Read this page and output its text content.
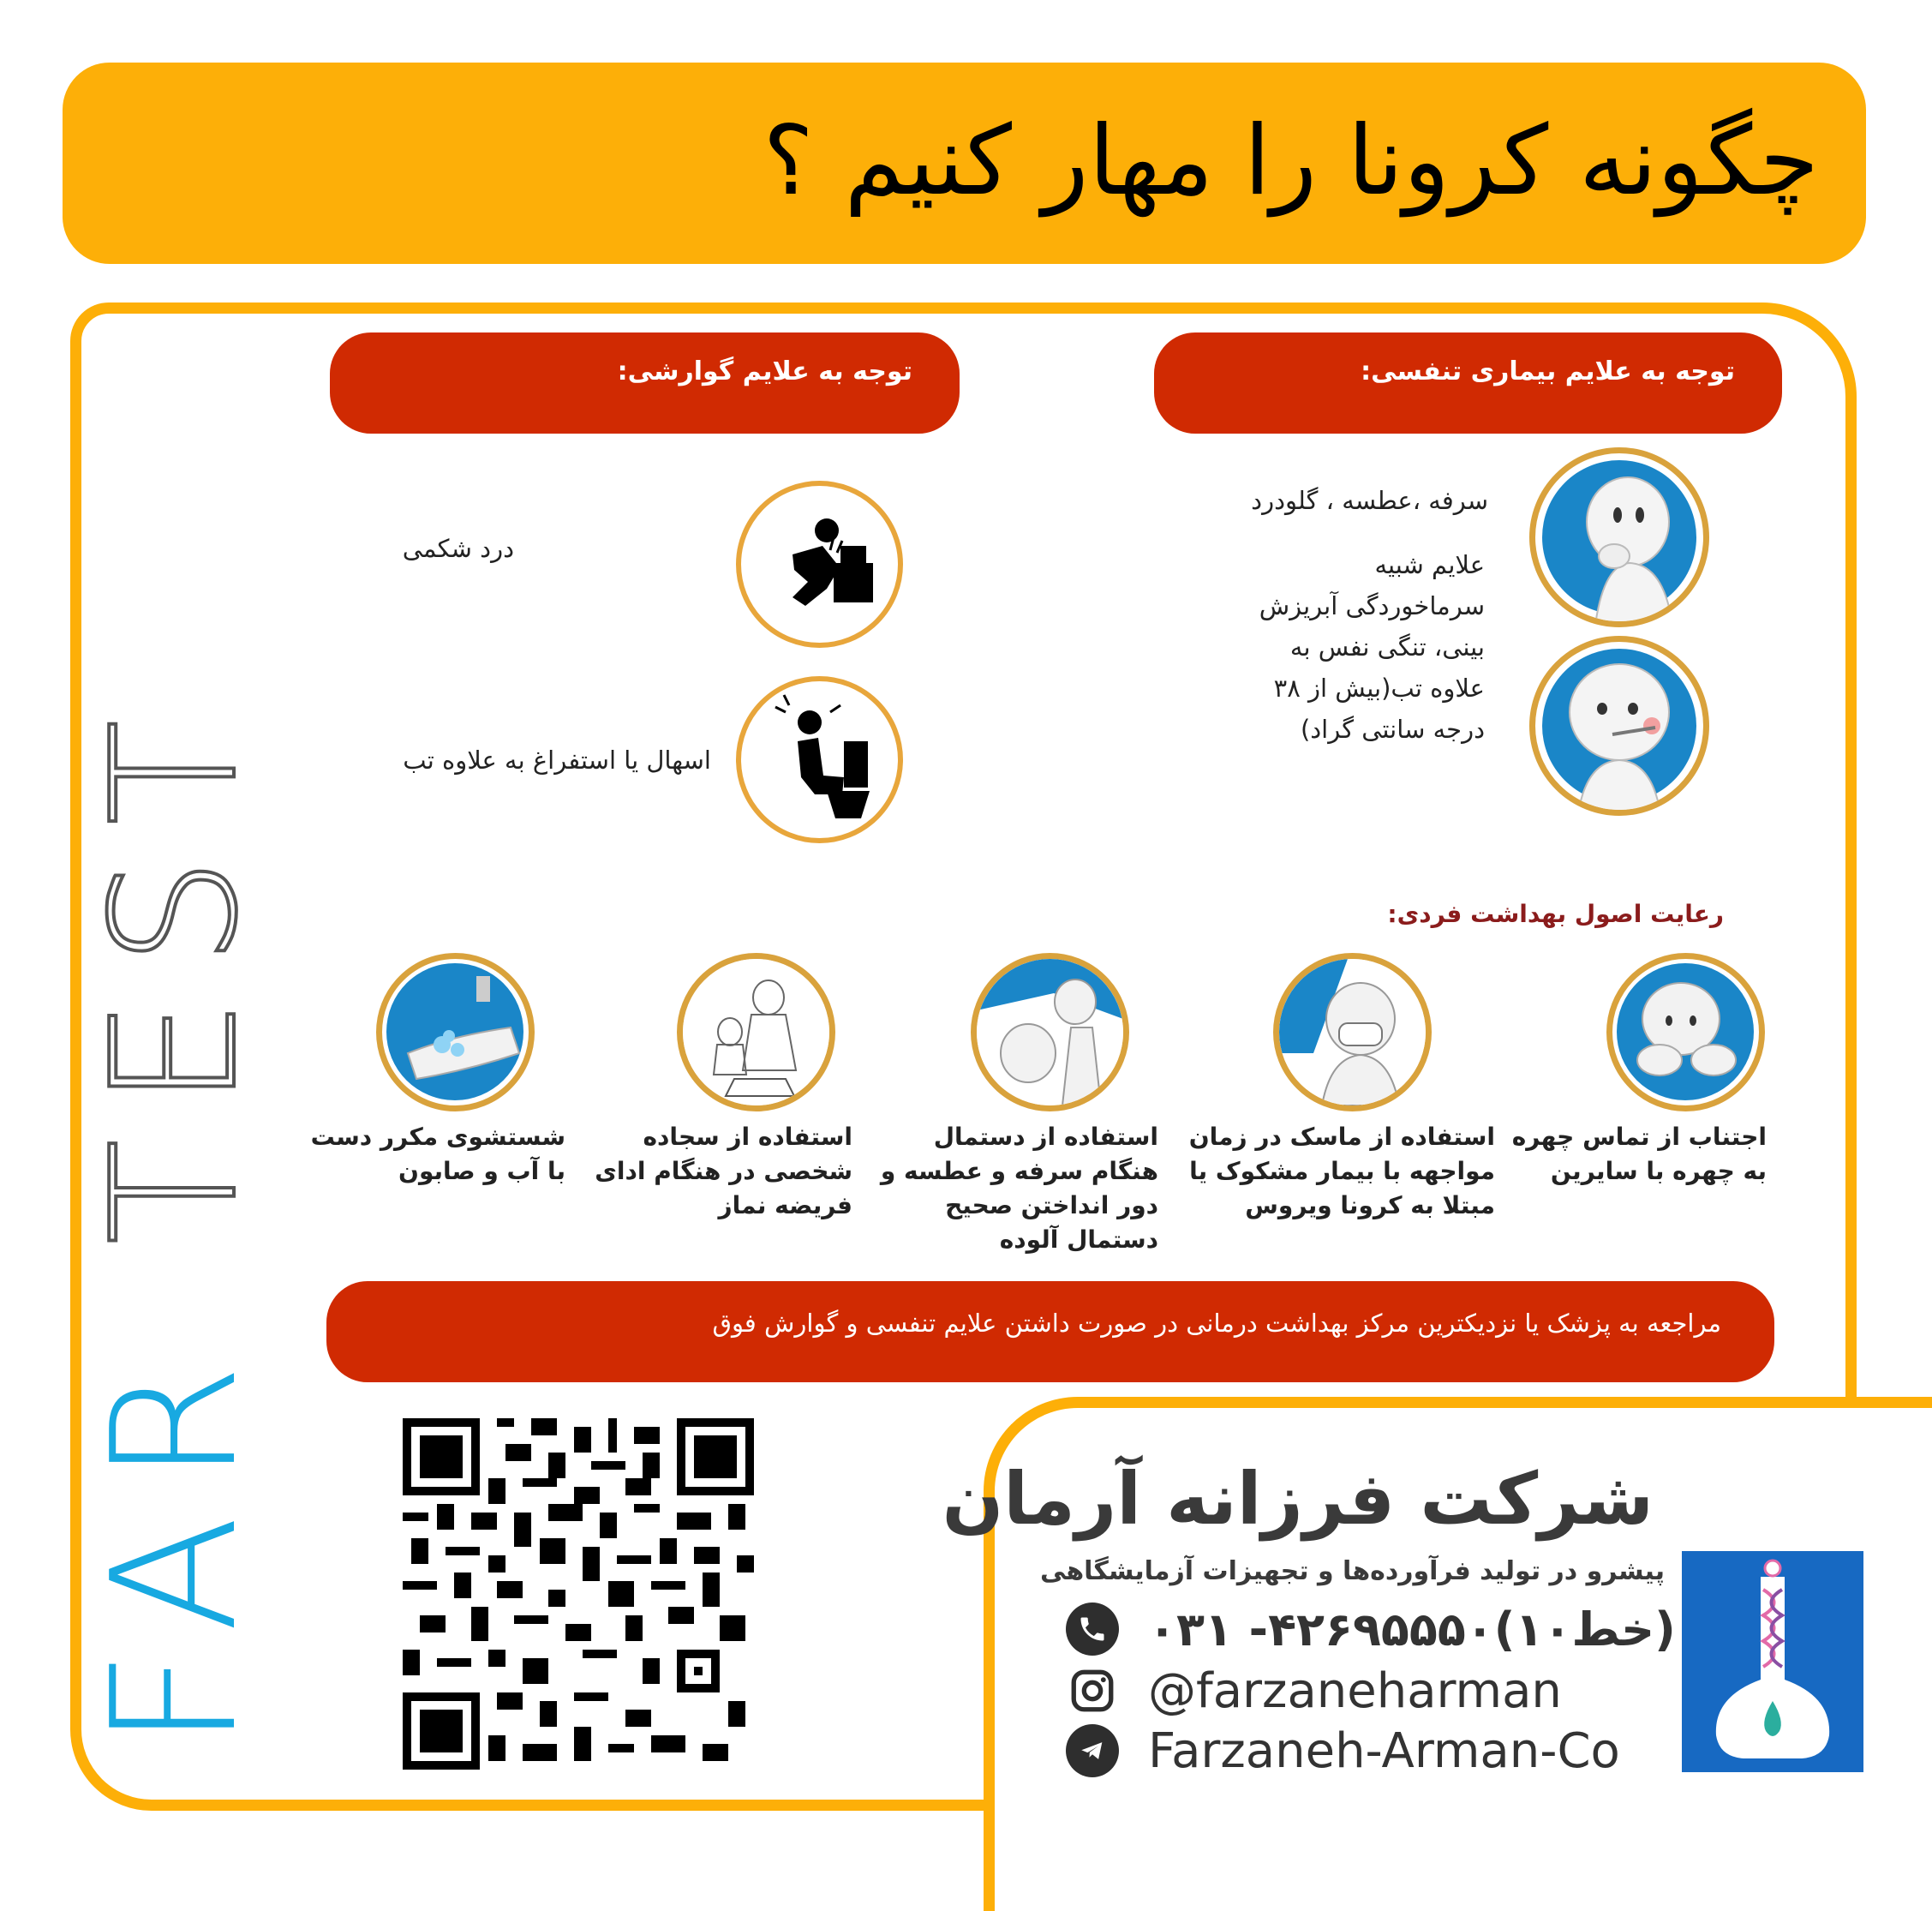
چگونه کرونا را مهار کنیم ؟
FAR TEST
توجه به علایم بیماری تنفسی:
توجه به علایم گوارشی:
سرفه ،عطسه ، گلودرد
علایم شبیه
سرماخوردگی آبریزش
بینی، تنگی نفس به
علاوه تب(بیش از ۳۸
درجه سانتی گراد)
درد شکمی
اسهال یا استفراغ به علاوه تب
رعایت اصول بهداشت فردی:
اجتناب از تماس چهره
به چهره با سایرین
استفاده از ماسک در زمان
مواجهه با بیمار مشکوک یا
مبتلا به کرونا ویروس
استفاده از دستمال
هنگام سرفه و عطسه و
دور انداختن صحیح
دستمال آلوده
استفاده از سجاده
شخصی در هنگام ادای
فریضه نماز
شستشوی مکرر دست
با آب و صابون
مراجعه به پزشک یا نزدیکترین مرکز بهداشت درمانی در صورت داشتن علایم تنفسی و گوارش فوق
شرکت فرزانه آرمان
پیشرو در تولید فرآورده‌ها و تجهیزات آزمایشگاهی
۰۳۱ -۴۲۶۹۵۵۵۰(۱۰خط)
@farzaneharman
Farzaneh-Arman-Co
